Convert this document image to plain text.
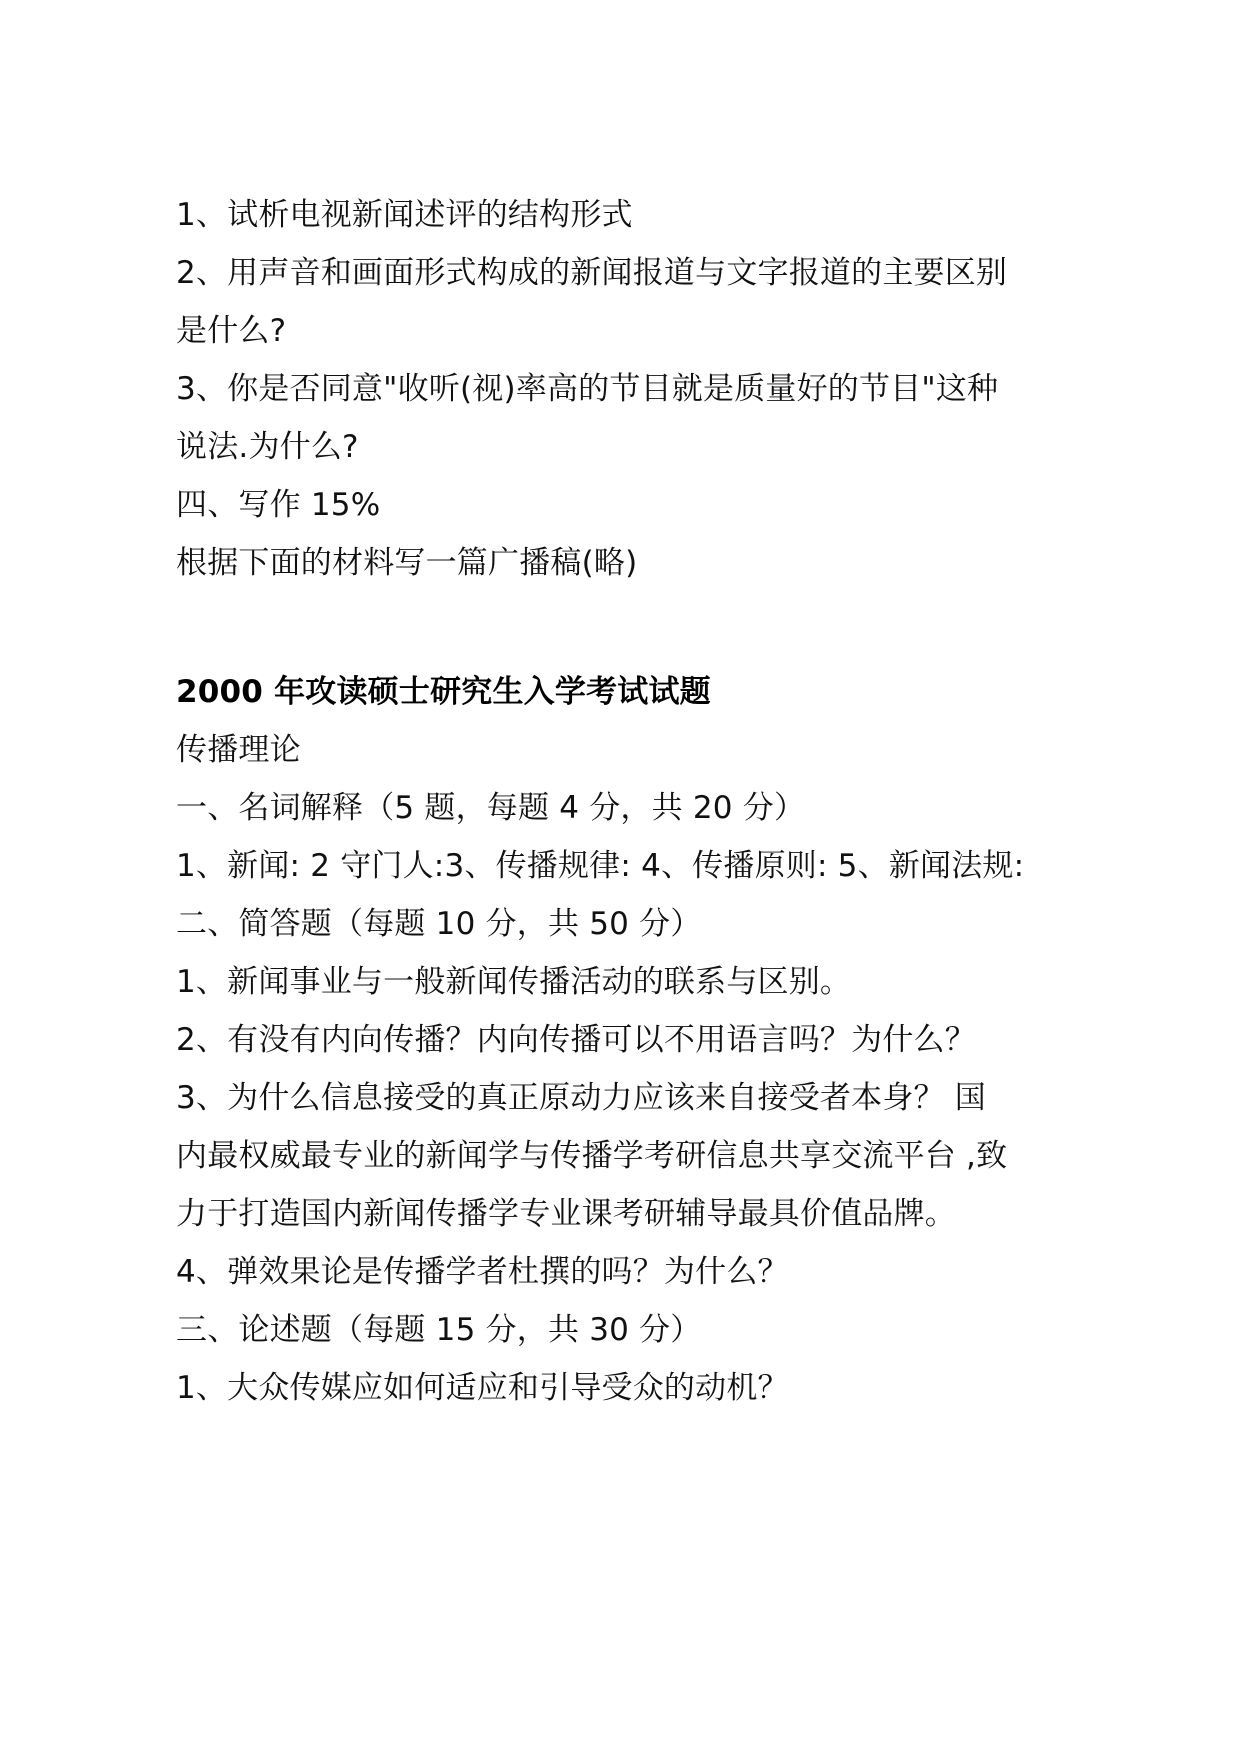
1、试析电视新闻述评的结构形式
2、用声音和画面形式构成的新闻报道与文字报道的主要区别
是什么?
3、你是否同意"收听(视)率高的节目就是质量好的节目"这种
说法.为什么?
四、写作 15%
根据下面的材料写一篇广播稿(略)
2000 年攻读硕士研究生入学考试试题
传播理论
一、名词解释（5 题，每题 4 分，共 20 分）
1、新闻: 2 守门人:3、传播规律: 4、传播原则: 5、新闻法规:
二、简答题（每题 10 分，共 50 分）
1、新闻事业与一般新闻传播活动的联系与区别。
2、有没有内向传播？内向传播可以不用语言吗？为什么？
3、为什么信息接受的真正原动力应该来自接受者本身？ 国
内最权威最专业的新闻学与传播学考研信息共享交流平台 ,致
力于打造国内新闻传播学专业课考研辅导最具价值品牌。
4、弹效果论是传播学者杜撰的吗？为什么？
三、论述题（每题 15 分，共 30 分）
1、大众传媒应如何适应和引导受众的动机？
